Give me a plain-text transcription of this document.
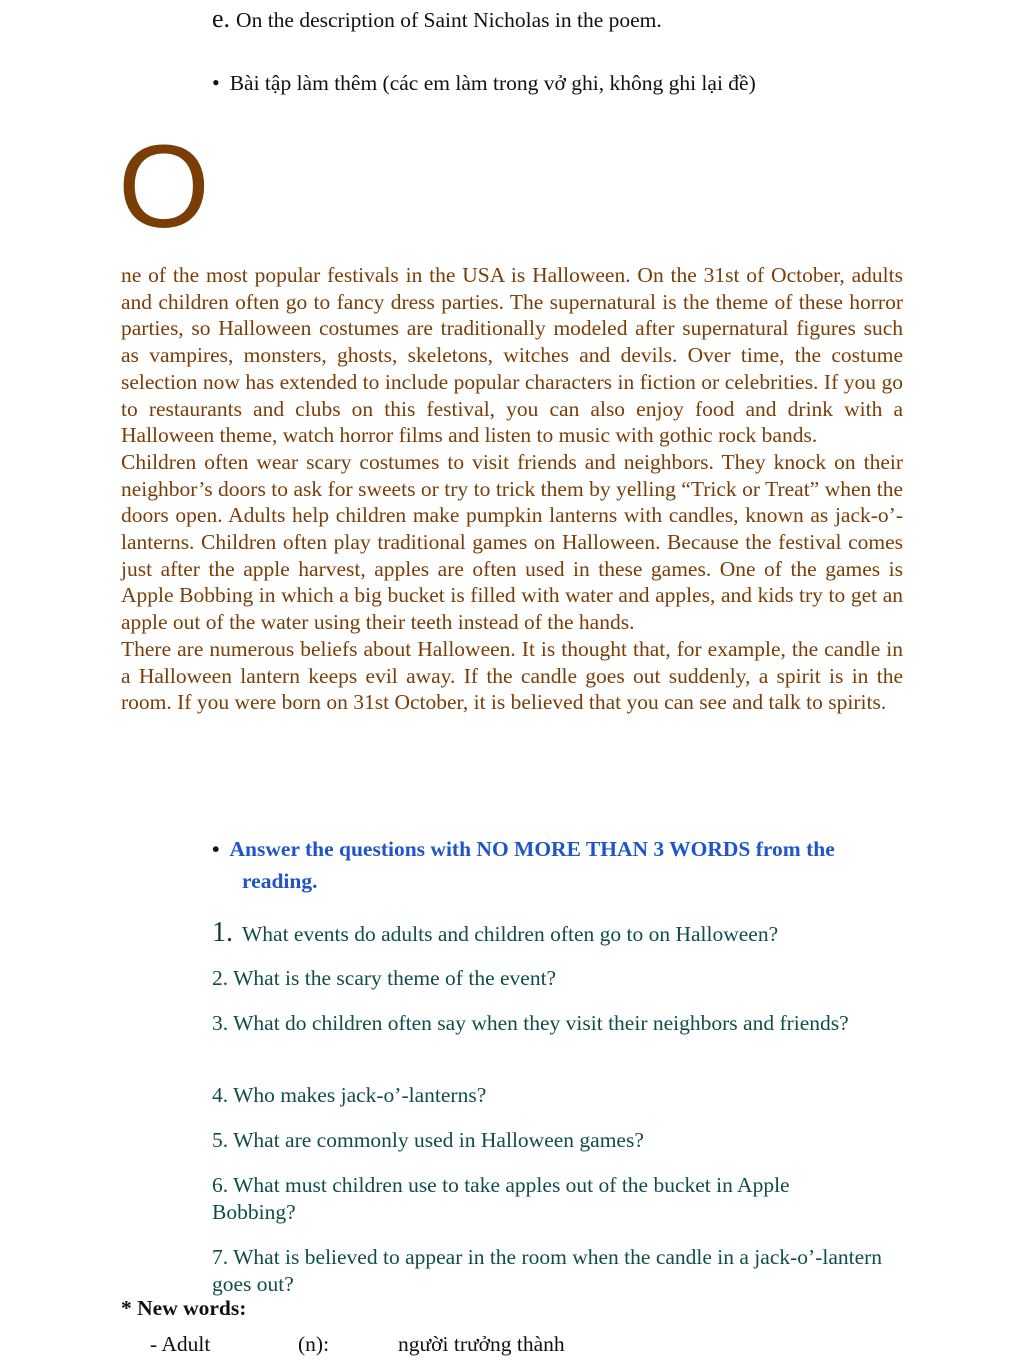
e. On the description of Saint Nicholas in the poem.
• Bài tập làm thêm (các em làm trong vở ghi, không ghi lại đề)
O

ne of the most popular festivals in the USA is Halloween. On the 31st of October, adults and children often go to fancy dress parties. The supernatural is the theme of these horror parties, so Halloween costumes are traditionally modeled after supernatural figures such as vampires, monsters, ghosts, skeletons, witches and devils. Over time, the costume selection now has extended to include popular characters in fiction or celebrities. If you go to restaurants and clubs on this festival, you can also enjoy food and drink with a Halloween theme, watch horror films and listen to music with gothic rock bands.

Children often wear scary costumes to visit friends and neighbors. They knock on their neighbor’s doors to ask for sweets or try to trick them by yelling “Trick or Treat” when the doors open. Adults help children make pumpkin lanterns with candles, known as jack-o’-lanterns. Children often play traditional games on Halloween. Because the festival comes just after the apple harvest, apples are often used in these games. One of the games is Apple Bobbing in which a big bucket is filled with water and apples, and kids try to get an apple out of the water using their teeth instead of the hands.

There are numerous beliefs about Halloween. It is thought that, for example, the candle in a Halloween lantern keeps evil away. If the candle goes out suddenly, a spirit is in the room. If you were born on 31st October, it is believed that you can see and talk to spirits.

• Answer the questions with NO MORE THAN 3 WORDS from the
reading.
1. What events do adults and children often go to on Halloween?
2. What is the scary theme of the event?
3. What do children often say when they visit their neighbors and friends?
4. Who makes jack-o’-lanterns?
5. What are commonly used in Halloween games?
6. What must children use to take apples out of the bucket in Apple Bobbing?
7. What is believed to appear in the room when the candle in a jack-o’-lantern goes out?
* New words:
- Adult	(n):	người trưởng thành
